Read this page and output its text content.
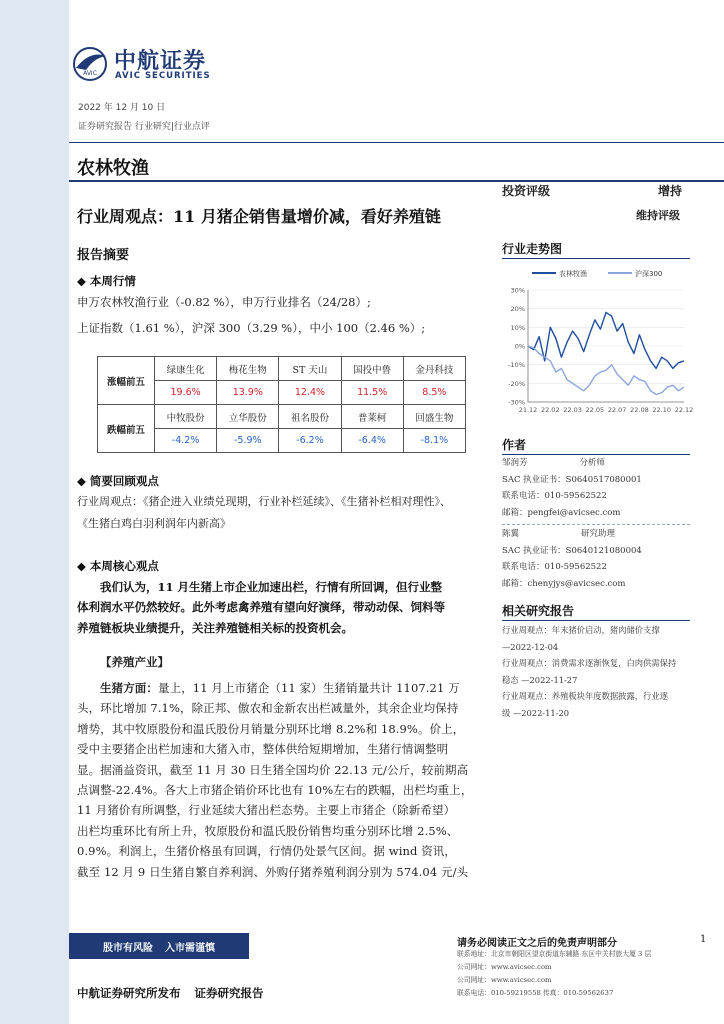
AVIC 中航证券
AVIC SECURITIES
2022 年 12 月 10 日
证券研究报告 行业研究|行业点评
农林牧渔
行业周观点：11 月猪企销售量增价减，看好养殖链
投资评级	增持
维持评级
报告摘要
◆ 本周行情
申万农林牧渔行业（-0.82 %），申万行业排名（24/28）;
上证指数（1.61 %），沪深 300（3.29 %），中小 100（2.46 %）;
涨幅前五	绿康生化	梅花生物	ST 天山	国投中鲁	金丹科技
	19.6%	13.9%	12.4%	11.5%	8.5%
跌幅前五	中牧股份	立华股份	祖名股份	普莱柯	回盛生物
	-4.2%	-5.9%	-6.2%	-6.4%	-8.1%
◆ 简要回顾观点
行业周观点：《猪企进入业绩兑现期，行业补栏延续》、《生猪补栏相对理性》、
《生猪白鸡白羽利润年内新高》
◆ 本周核心观点
我们认为，11 月生猪上市企业加速出栏，行情有所回调，但行业整
体利润水平仍然较好。此外考虑禽养殖有望向好演绎，带动动保、饲料等
养殖链板块业绩提升，关注养殖链相关标的投资机会。
【养殖产业】
生猪方面：量上，11 月上市猪企（11 家）生猪销量共计 1107.21 万
头，环比增加 7.1%，除正邦、傲农和金新农出栏减量外，其余企业均保持
增势，其中牧原股份和温氏股份月销量分别环比增 8.2%和 18.9%。价上，
受中主要猪企出栏加速和大猪入市，整体供给短期增加，生猪行情调整明
显。据涌益资讯，截至 11 月 30 日生猪全国均价 22.13 元/公斤，较前期高
点调整-22.4%。各大上市猪企销价环比也有 10%左右的跌幅，出栏均重上，
11 月猪价有所调整，行业延续大猪出栏态势。主要上市猪企（除新希望）
出栏均重环比有所上升，牧原股份和温氏股份销售均重分别环比增 2.5%、
0.9%。利润上，生猪价格虽有回调，行情仍处景气区间。据 wind 资讯，
截至 12 月 9 日生猪自繁自养利润、外购仔猪养殖利润分别为 574.04 元/头
行业走势图
农林牧渔	沪深300
30%
20%
10%
0%
-10%
-20%
-30%
21.12 22.02 22.03 22.05 22.07 22.08 22.10 22.12
作者
邹润芳	分析师
SAC 执业证书：S0640517080001
联系电话：010-59562522
邮箱：pengfei@avicsec.com
陈翼	研究助理
SAC 执业证书：S0640121080004
联系电话：010-59562522
邮箱：chenyjys@avicsec.com
相关研究报告
行业周观点：年末猪价启动，猪肉储价支撑
—2022-12-04
行业周观点：消费需求逐渐恢复，白肉供需保持
稳态 —2022-11-27
行业周观点：养殖板块年度数据披露，行业逐
级 —2022-11-20
股市有风险 入市需谨慎	请务必阅读正文之后的免责声明部分	1
联系地址：北京市朝阳区望京街道东辅路 东区中关村旅大厦 3 层
公司网址：www.avicsec.com
公司网址：www.avicsec.com
联系电话：010-59219558 传真：010-59562637
中航证券研究所发布 证券研究报告
